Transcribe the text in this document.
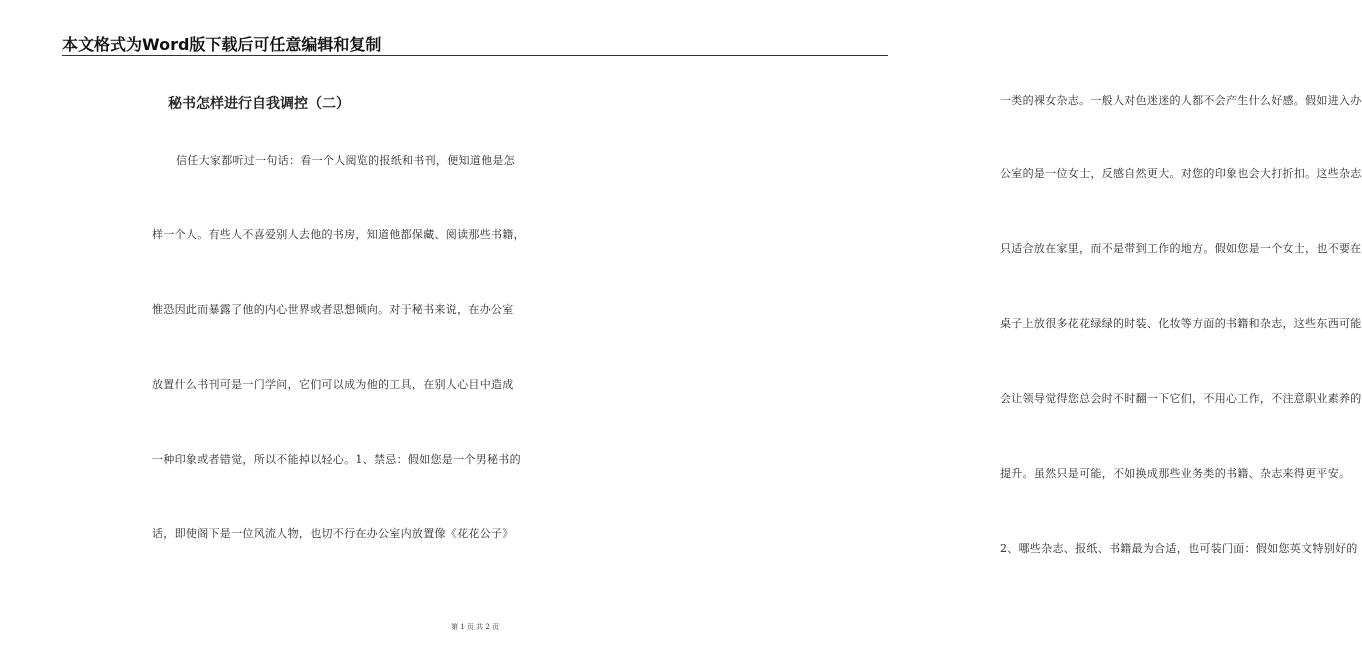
本文格式为Word版下载后可任意编辑和复制
秘书怎样进行自我调控（二）
信任大家都听过一句话：看一个人阅览的报纸和书刊，便知道他是怎
样一个人。有些人不喜爱别人去他的书房，知道他都保藏、阅读那些书籍，
惟恐因此而暴露了他的内心世界或者思想倾向。对于秘书来说，在办公室
放置什么书刊可是一门学问，它们可以成为他的工具，在别人心目中造成
一种印象或者错觉，所以不能掉以轻心。1、禁忌：假如您是一个男秘书的
话，即使阁下是一位风流人物，也切不行在办公室内放置像《花花公子》
一类的裸女杂志。一般人对色迷迷的人都不会产生什么好感。假如进入办
公室的是一位女士，反感自然更大。对您的印象也会大打折扣。这些杂志
只适合放在家里，而不是带到工作的地方。假如您是一个女士，也不要在
桌子上放很多花花绿绿的时装、化妆等方面的书籍和杂志，这些东西可能
会让领导觉得您总会时不时翻一下它们，不用心工作，不注意职业素养的
提升。虽然只是可能，不如换成那些业务类的书籍、杂志来得更平安。
2、哪些杂志、报纸、书籍最为合适，也可装门面：假如您英文特别好的
第 1 页 共 2 页
